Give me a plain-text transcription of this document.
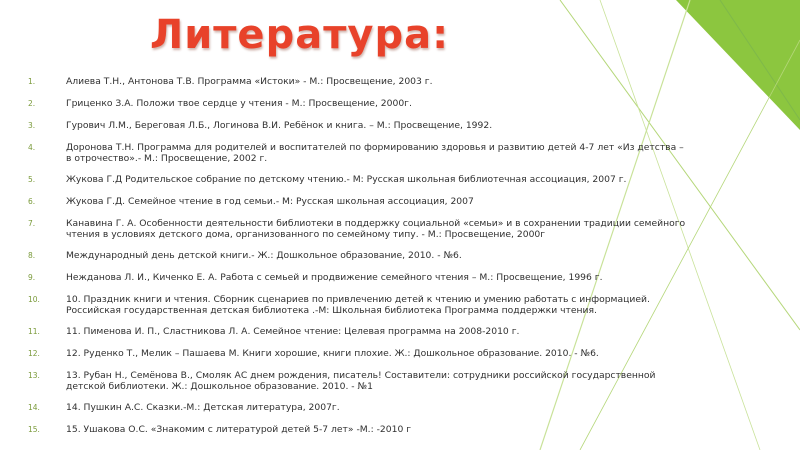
Литература:
1.	Алиева Т.Н., Антонова Т.В. Программа «Истоки» - М.: Просвещение, 2003 г.
2.	Гриценко З.А. Положи твое сердце у чтения - М.: Просвещение, 2000г.
3.	Гурович Л.М., Береговая Л.Б., Логинова В.И. Ребёнок и книга. – М.: Просвещение, 1992.
4.	Доронова Т.Н. Программа для родителей и воспитателей по формированию здоровья и развитию детей 4-7 лет «Из детства – в отрочество».- М.: Просвещение, 2002 г.
5.	Жукова Г.Д Родительское собрание по детскому чтению.- М: Русская школьная библиотечная ассоциация, 2007 г.
6.	Жукова Г.Д. Семейное чтение в год семьи.- М: Русская школьная ассоциация, 2007
7.	Канавина Г. А. Особенности деятельности библиотеки в поддержку социальной «семьи» и в сохранении традиции семейного чтения в условиях детского дома, организованного по семейному типу. - М.: Просвещение, 2000г
8.	Международный день детской книги.- Ж.: Дошкольное образование, 2010. - №6.
9.	Нежданова Л. И., Киченко Е. А. Работа с семьей и продвижение семейного чтения – М.: Просвещение, 1996 г.
10.	10. Праздник книги и чтения. Сборник сценариев по привлечению детей к чтению и умению работать с информацией. Российская государственная детская библиотека .-М: Школьная библиотека Программа поддержки чтения.
11.	11. Пименова И. П., Сластникова Л. А. Семейное чтение: Целевая программа на 2008-2010 г.
12.	12. Руденко Т., Мелик – Пашаева М. Книги хорошие, книги плохие. Ж.: Дошкольное образование. 2010. - №6.
13.	13. Рубан Н., Семёнова В., Смоляк АС днем рождения, писатель! Составители: сотрудники российской государственной детской библиотеки. Ж.: Дошкольное образование. 2010. - №1
14.	14. Пушкин А.С. Сказки.-М.: Детская литература, 2007г.
15.	15. Ушакова О.С. «Знакомим с литературой детей 5-7 лет» -М.: -2010 г
